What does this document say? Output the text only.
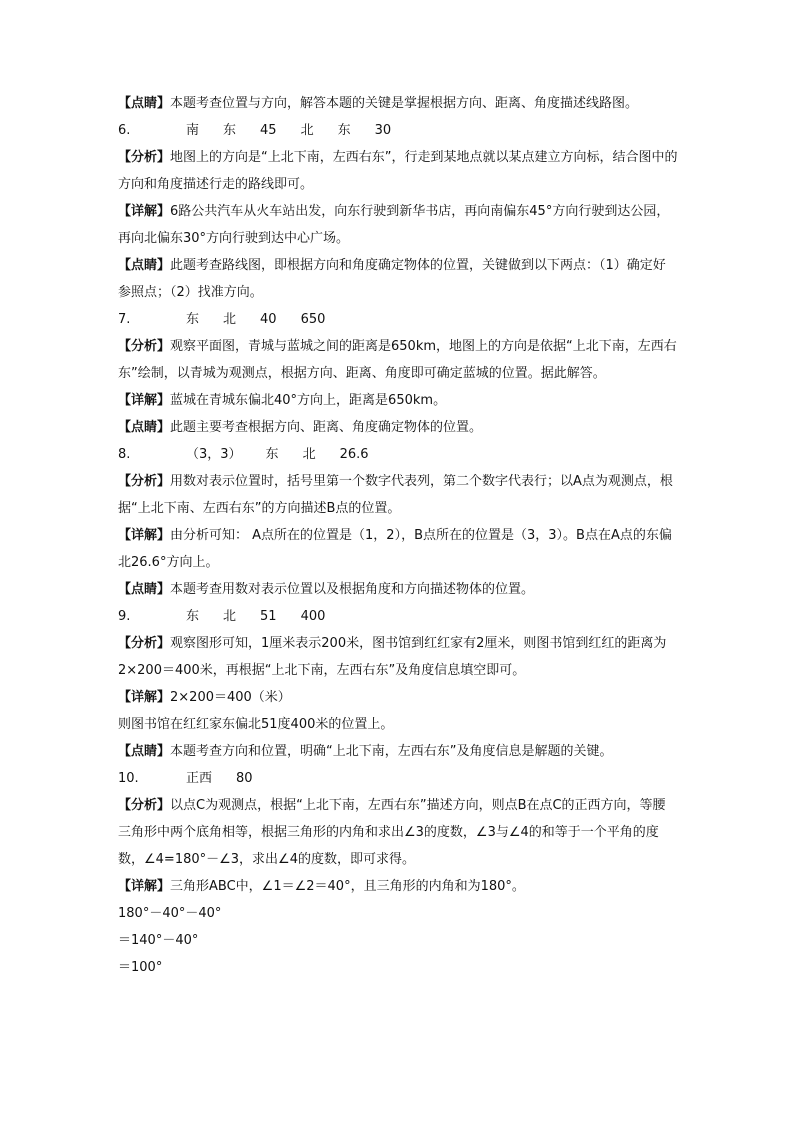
【点睛】本题考查位置与方向，解答本题的关键是掌握根据方向、距离、角度描述线路图。
6.	南 东 45 北 东 30
【分析】地图上的方向是“上北下南，左西右东”，行走到某地点就以某点建立方向标，结合图中的方向和角度描述行走的路线即可。
【详解】6路公共汽车从火车站出发，向东行驶到新华书店，再向南偏东45°方向行驶到达公园，再向北偏东30°方向行驶到达中心广场。
【点睛】此题考查路线图，即根据方向和角度确定物体的位置，关键做到以下两点：（1）确定好参照点；（2）找准方向。
7.	东 北 40 650
【分析】观察平面图，青城与蓝城之间的距离是650km，地图上的方向是依据“上北下南，左西右东”绘制，以青城为观测点，根据方向、距离、角度即可确定蓝城的位置。据此解答。
【详解】蓝城在青城东偏北40°方向上，距离是650km。
【点睛】此题主要考查根据方向、距离、角度确定物体的位置。
8.	（3，3） 东 北 26.6
【分析】用数对表示位置时，括号里第一个数字代表列，第二个数字代表行；以A点为观测点，根据“上北下南、左西右东”的方向描述B点的位置。
【详解】由分析可知： A点所在的位置是（1，2），B点所在的位置是（3，3）。B点在A点的东偏北26.6°方向上。
【点睛】本题考查用数对表示位置以及根据角度和方向描述物体的位置。
9.	东 北 51 400
【分析】观察图形可知，1厘米表示200米，图书馆到红红家有2厘米，则图书馆到红红的距离为2×200＝400米，再根据“上北下南，左西右东”及角度信息填空即可。
【详解】2×200＝400（米）
则图书馆在红红家东偏北51度400米的位置上。
【点睛】本题考查方向和位置，明确“上北下南，左西右东”及角度信息是解题的关键。
10.	正西 80
【分析】以点C为观测点，根据“上北下南，左西右东”描述方向，则点B在点C的正西方向，等腰三角形中两个底角相等，根据三角形的内角和求出∠3的度数，∠3与∠4的和等于一个平角的度数，∠4=180°－∠3，求出∠4的度数，即可求得。
【详解】三角形ABC中，∠1＝∠2＝40°，且三角形的内角和为180°。
180°－40°－40°
＝140°－40°
＝100°
